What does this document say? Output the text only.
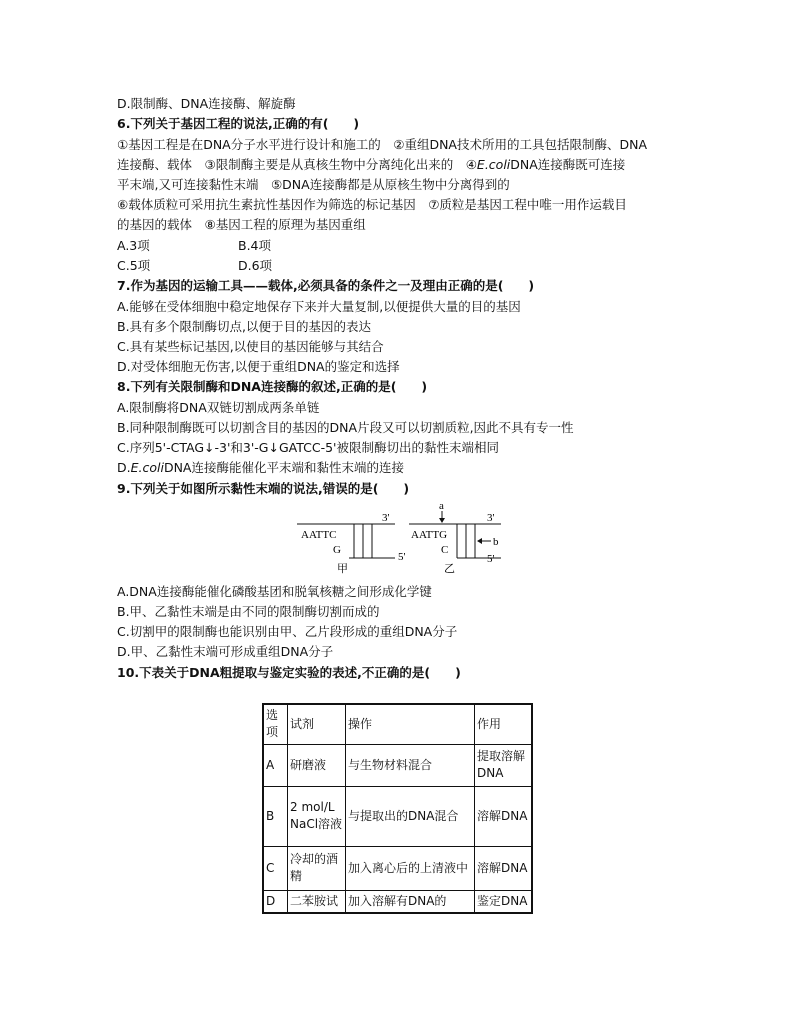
D.限制酶、DNA连接酶、解旋酶
6.下列关于基因工程的说法,正确的有(　　)
①基因工程是在DNA分子水平进行设计和施工的　②重组DNA技术所用的工具包括限制酶、DNA
连接酶、载体　③限制酶主要是从真核生物中分离纯化出来的　④E.coliDNA连接酶既可连接
平末端,又可连接黏性末端　⑤DNA连接酶都是从原核生物中分离得到的
⑥载体质粒可采用抗生素抗性基因作为筛选的标记基因　⑦质粒是基因工程中唯一用作运载目
的基因的载体　⑧基因工程的原理为基因重组
A.3项	B.4项
C.5项	D.6项
7.作为基因的运输工具——载体,必须具备的条件之一及理由正确的是(　　)
A.能够在受体细胞中稳定地保存下来并大量复制,以便提供大量的目的基因
B.具有多个限制酶切点,以便于目的基因的表达
C.具有某些标记基因,以使目的基因能够与其结合
D.对受体细胞无伤害,以便于重组DNA的鉴定和选择
8.下列有关限制酶和DNA连接酶的叙述,正确的是(　　)
A.限制酶将DNA双链切割成两条单链
B.同种限制酶既可以切割含目的基因的DNA片段又可以切割质粒,因此不具有专一性
C.序列5'-CTAG↓-3'和3'-G↓GATCC-5'被限制酶切出的黏性末端相同
D.E.coliDNA连接酶能催化平末端和黏性末端的连接
9.下列关于如图所示黏性末端的说法,错误的是(　　)
AATTC
G
3'
5'
甲
AATTG
C
3'
5'
乙
a
b
A.DNA连接酶能催化磷酸基团和脱氧核糖之间形成化学键
B.甲、乙黏性末端是由不同的限制酶切割而成的
C.切割甲的限制酶也能识别由甲、乙片段形成的重组DNA分子
D.甲、乙黏性末端可形成重组DNA分子
10.下表关于DNA粗提取与鉴定实验的表述,不正确的是(　　)
选项	试剂	操作	作用
A	研磨液	与生物材料混合	提取溶解DNA
B	2 mol/L NaCl溶液	与提取出的DNA混合	溶解DNA
C	冷却的酒精	加入离心后的上清液中	溶解DNA
D	二苯胺试	加入溶解有DNA的	鉴定DNA
